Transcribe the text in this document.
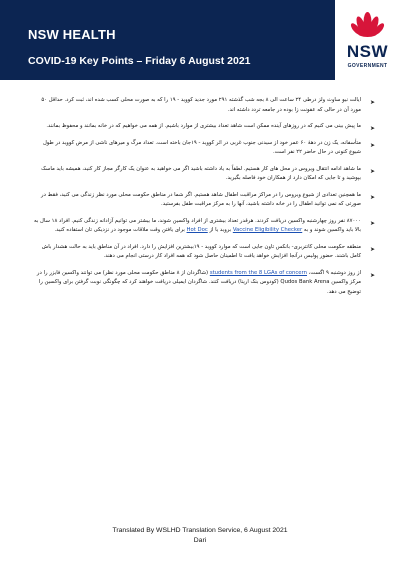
NSW HEALTH
COVID-19 Key Points – Friday 6 August 2021	NSW
GOVERNMENT
➤
ایالت نیو ساوث ولز درطی ۲۴ ساعت الی ۸ بجه شب گذشته ۲۹۱ مورد جدید کووید - ۱۹ را که به صورت محلی کسب شده اند، ثبت کرد. حداقل ۵۰ مورد آن در حالی که عفونت زا بوده در جامعه تردد داشته اند.
➤
ما پیش بینی می کنیم که در روزهای آینده ممکن است شاهد تعداد بیشتری از موارد باشیم. از همه می خواهیم که در خانه بمانند و محفوظ بمانند.
➤
متأسفانه، یک زن در دهۀ ۶۰ عمر خود از سیدنی جنوب غربی در اثر کووید - ۱۹جان باخته است. تعداد مرگ و میرهای ناشی از مرض کووید در طول شیوع کنونی در حال حاضر ۲۲ نفر است.
➤
ما شاهد ادامه انتقال ویروس در محل های کار هستیم. لطفاً به یاد داشته باشید اگر می خواهید به عنوان یک کارگر مجاز کار کنید، همیشه باید ماسک بپوشید و تا جایی که امکان دارد از همکاران خود فاصله بگیرید.
➤
ما همچنین تعدادی از شیوع ویروس را در مراکز مراقبت اطفال شاهد هستیم. اگر شما در مناطق حکومت محلی مورد نظر زندگی می کنید، فقط در صورتی که نمی توانید اطفال را در خانه داشته باشید، آنها را به مرکز مراقبت طفل بفرستید.
➤
۸۷۰۰۰ نفر روز چهارشنبه واکسین دریافت کردند. هرقدر تعداد بیشتری از افراد واکسین شوند، ما بیشتر می توانیم آزادانه زندگی کنیم. افراد ۱۸ سال به بالا باید واکسین شوند و به Vaccine Eligibility Checker بروید یا از Hot Doc برای یافتن وقت ملاقات موجود در نزدیکی تان استفاده کنید.
➤
منطقه حکومت محلی کانتربری- بانکس تاون جایی است که موارد کووید - ۱۹بیشترین افزایش را دارد. افراد در آن مناطق باید به حالت هشدار باش کامل باشند. حضور پولیس درآنجا افزایش خواهد یافت تا اطمینان حاصل شود که همه افراد کار درستی انجام می دهند.
➤
از روز دوشنبه ۹ اگست، students from the 8 LGAs of concern (شاگردان از ۸ مناطق حکومت محلی مورد نظر) می توانند واکسین فایزر را در مرکز واکسین Qudos Bank Arena (کودوس بنک ارینا) دریافت کنند. شاگردان ایمیلی دریافت خواهند کرد که چگونگی نوبت گرفتن برای واکسین را توضیح می دهد.
Translated By WSLHD Translation Service, 6 August 2021
Dari
